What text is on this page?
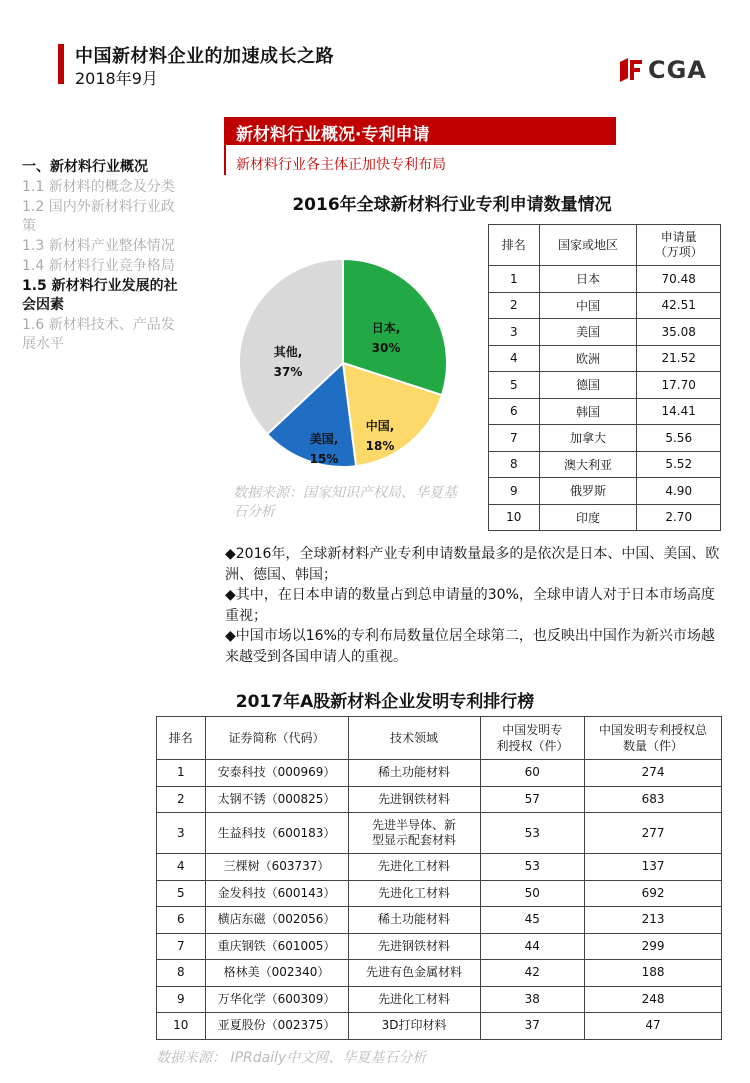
中国新材料企业的加速成长之路
2018年9月	CGA
新材料行业概况·专利申请
新材料行业各主体正加快专利布局
一、新材料行业概况
1.1 新材料的概念及分类
1.2 国内外新材料行业政策
1.3 新材料产业整体情况
1.4 新材料行业竞争格局
1.5 新材料行业发展的社会因素
1.6 新材料技术、产品发展水平
2016年全球新材料行业专利申请数量情况
日本,
30%
中国,
18%
美国,
15%
其他,
37%
数据来源：国家知识产权局、华夏基石分析
排名	国家或地区	申请量（万项）
1	日本	70.48
2	中国	42.51
3	美国	35.08
4	欧洲	21.52
5	德国	17.70
6	韩国	14.41
7	加拿大	5.56
8	澳大利亚	5.52
9	俄罗斯	4.90
10	印度	2.70
◆2016年，全球新材料产业专利申请数量最多的是依次是日本、中国、美国、欧洲、德国、韩国；
◆其中，在日本申请的数量占到总申请量的30%，全球申请人对于日本市场高度重视；
◆中国市场以16%的专利布局数量位居全球第二，也反映出中国作为新兴市场越来越受到各国申请人的重视。
2017年A股新材料企业发明专利排行榜
排名	证券简称（代码）	技术领域	中国发明专利授权（件）	中国发明专利授权总数量（件）
1	安泰科技（000969）	稀土功能材料	60	274
2	太钢不锈（000825）	先进钢铁材料	57	683
3	生益科技（600183）	先进半导体、新型显示配套材料	53	277
4	三棵树（603737）	先进化工材料	53	137
5	金发科技（600143）	先进化工材料	50	692
6	横店东磁（002056）	稀土功能材料	45	213
7	重庆钢铁（601005）	先进钢铁材料	44	299
8	格林美（002340）	先进有色金属材料	42	188
9	万华化学（600309）	先进化工材料	38	248
10	亚夏股份（002375）	3D打印材料	37	47
数据来源： IPRdaily中文网、华夏基石分析
